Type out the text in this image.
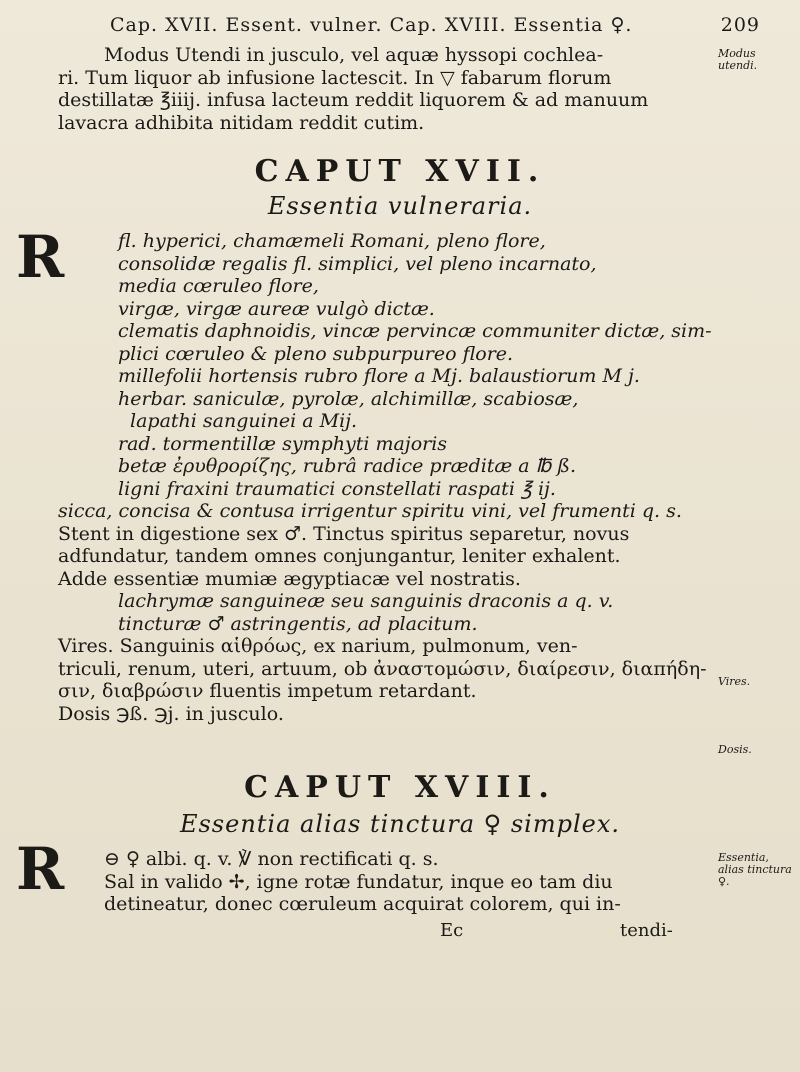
Cap. XVII. Essent. vulner. Cap. XVIII. Essentia ♀.	209
Modus Utendi in jusculo, vel aquæ hyssopi cochlea-
ri. Tum liquor ab infusione lactescit. In ▽ fabarum florum
destillatæ ℥iiij. infusa lacteum reddit liquorem & ad manuum
lavacra adhibita nitidam reddit cutim.
Modus utendi.
CAPUT XVII.
Essentia vulneraria.
R	fl. hyperici, chamæmeli Romani, pleno flore,
consolidæ regalis fl. simplici, vel pleno incarnato,
media cœruleo flore,
virgæ, virgæ aureæ vulgò dictæ.
clematis daphnoidis, vincæ pervincæ communiter dictæ, sim-
plici cœruleo & pleno subpurpureo flore.
millefolii hortensis rubro flore a Mj. balaustiorum M j.
herbar. saniculæ, pyrolæ, alchimillæ, scabiosæ,
lapathi sanguinei a Mij.
rad. tormentillæ symphyti majoris
betæ ἐρυθρορίζης, rubrâ radice præditæ a ℔ ß.
ligni fraxini traumatici constellati raspati ℥ ij.
sicca, concisa & contusa irrigentur spiritu vini, vel frumenti q. s.
Stent in digestione sex ♂. Tinctus spiritus separetur, novus
adfundatur, tandem omnes conjungantur, leniter exhalent.
Adde essentiæ mumiæ ægyptiacæ vel nostratis.
lachrymæ sanguineæ seu sanguinis draconis a q. v.
tincturæ ♂ astringentis, ad placitum.
Vires. Sanguinis αἱθρόως, ex narium, pulmonum, ven-
triculi, renum, uteri, artuum, ob ἀναστομώσιν, διαίρεσιν, διαπήδη-
σιν, διαβρώσιν fluentis impetum retardant.
Dosis ℈ß. ℈j. in jusculo.
Vires.
Dosis.
CAPUT XVIII.
Essentia alias tinctura ♀ simplex.
R	⊖ ♀ albi. q. v. ℣ non rectificati q. s.
Sal in valido ✢, igne rotæ fundatur, inque eo tam diu
detineatur, donec cœruleum acquirat colorem, qui in-
Essentia, alias tinctura ♀.
Ec	tendi-
